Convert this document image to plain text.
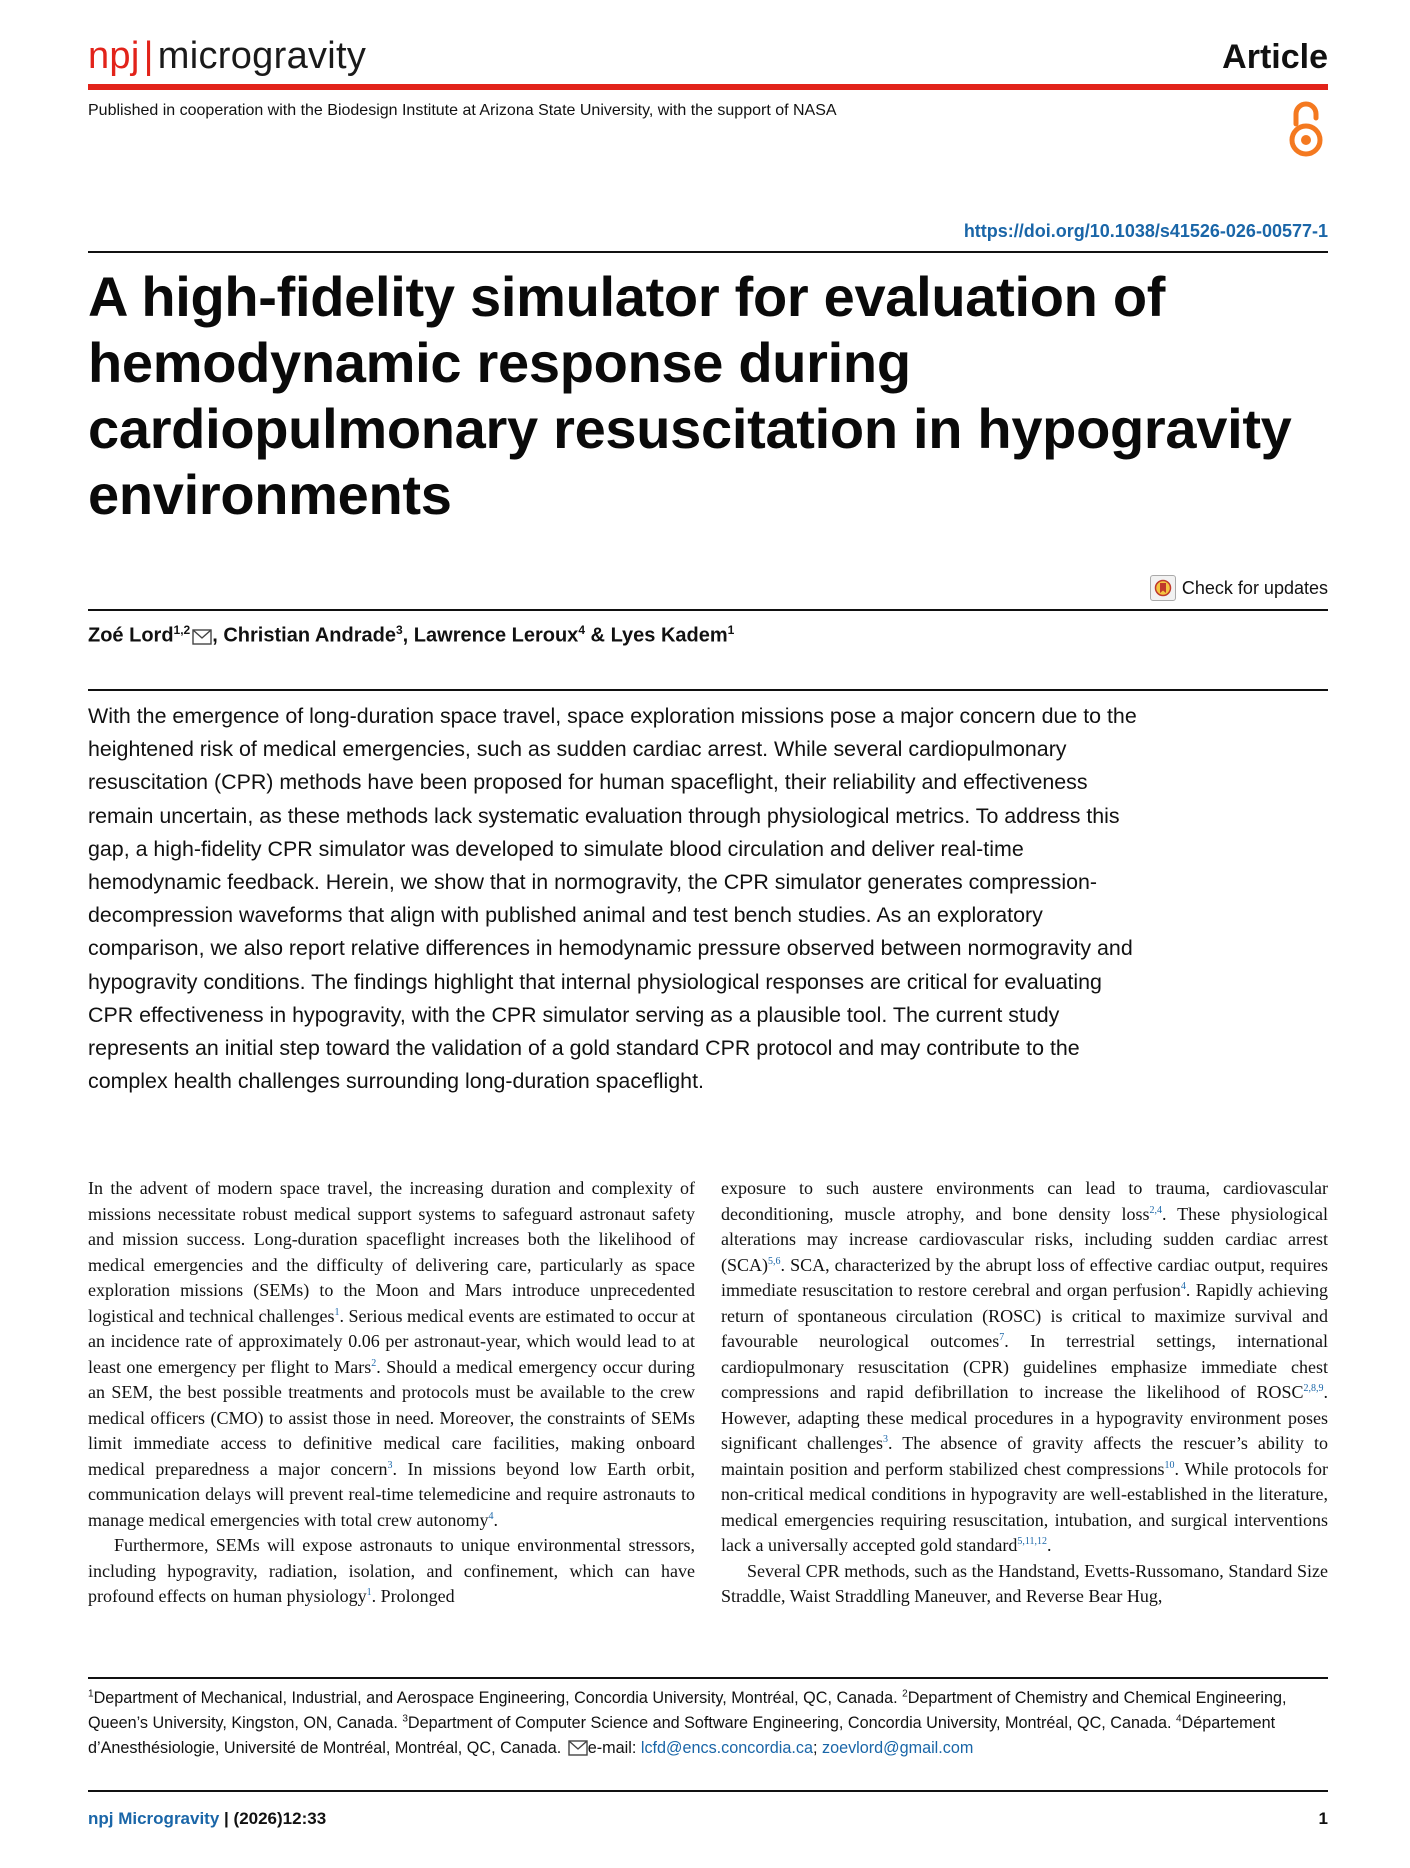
npj | microgravity	Article
Published in cooperation with the Biodesign Institute at Arizona State University, with the support of NASA
https://doi.org/10.1038/s41526-026-00577-1
A high-fidelity simulator for evaluation of hemodynamic response during cardiopulmonary resuscitation in hypogravity environments
Check for updates
Zoé Lord$^{1,2}$ , Christian Andrade$^3$, Lawrence Leroux$^4$ & Lyes Kadem$^1$

With the emergence of long-duration space travel, space exploration missions pose a major concern due to the heightened risk of medical emergencies, such as sudden cardiac arrest. While several cardiopulmonary resuscitation (CPR) methods have been proposed for human spaceflight, their reliability and effectiveness remain uncertain, as these methods lack systematic evaluation through physiological metrics. To address this gap, a high-fidelity CPR simulator was developed to simulate blood circulation and deliver real-time hemodynamic feedback. Herein, we show that in normogravity, the CPR simulator generates compression-decompression waveforms that align with published animal and test bench studies. As an exploratory comparison, we also report relative differences in hemodynamic pressure observed between normogravity and hypogravity conditions. The findings highlight that internal physiological responses are critical for evaluating CPR effectiveness in hypogravity, with the CPR simulator serving as a plausible tool. The current study represents an initial step toward the validation of a gold standard CPR protocol and may contribute to the complex health challenges surrounding long-duration spaceflight.

In the advent of modern space travel, the increasing duration and complexity of missions necessitate robust medical support systems to safeguard astronaut safety and mission success. Long-duration spaceflight increases both the likelihood of medical emergencies and the difficulty of delivering care, particularly as space exploration missions (SEMs) to the Moon and Mars introduce unprecedented logistical and technical challenges$^1$. Serious medical events are estimated to occur at an incidence rate of approximately 0.06 per astronaut-year, which would lead to at least one emergency per flight to Mars$^2$. Should a medical emergency occur during an SEM, the best possible treatments and protocols must be available to the crew medical officers (CMO) to assist those in need. Moreover, the constraints of SEMs limit immediate access to definitive medical care facilities, making onboard medical preparedness a major concern$^3$. In missions beyond low Earth orbit, communication delays will prevent real-time telemedicine and require astronauts to manage medical emergencies with total crew autonomy$^4$.

Furthermore, SEMs will expose astronauts to unique environmental stressors, including hypogravity, radiation, isolation, and confinement, which can have profound effects on human physiology$^1$. Prolonged

exposure to such austere environments can lead to trauma, cardiovascular deconditioning, muscle atrophy, and bone density loss$^{2,4}$. These physiological alterations may increase cardiovascular risks, including sudden cardiac arrest (SCA)$^{5,6}$. SCA, characterized by the abrupt loss of effective cardiac output, requires immediate resuscitation to restore cerebral and organ perfusion$^4$. Rapidly achieving return of spontaneous circulation (ROSC) is critical to maximize survival and favourable neurological outcomes$^7$. In terrestrial settings, international cardiopulmonary resuscitation (CPR) guidelines emphasize immediate chest compressions and rapid defibrillation to increase the likelihood of ROSC$^{2,8,9}$. However, adapting these medical procedures in a hypogravity environment poses significant challenges$^3$. The absence of gravity affects the rescuer’s ability to maintain position and perform stabilized chest compressions$^{10}$. While protocols for non-critical medical conditions in hypogravity are well-established in the literature, medical emergencies requiring resuscitation, intubation, and surgical interventions lack a universally accepted gold standard$^{5,11,12}$.

Several CPR methods, such as the Handstand, Evetts-Russomano, Standard Size Straddle, Waist Straddling Maneuver, and Reverse Bear Hug,

$^1$Department of Mechanical, Industrial, and Aerospace Engineering, Concordia University, Montréal, QC, Canada. $^2$Department of Chemistry and Chemical Engineering, Queen’s University, Kingston, ON, Canada. $^3$Department of Computer Science and Software Engineering, Concordia University, Montréal, QC, Canada. $^4$Département d’Anesthésiologie, Université de Montréal, Montréal, QC, Canada. e-mail: lcfd@encs.concordia.ca; zoevlord@gmail.com

npj Microgravity | (2026)12:33	1
